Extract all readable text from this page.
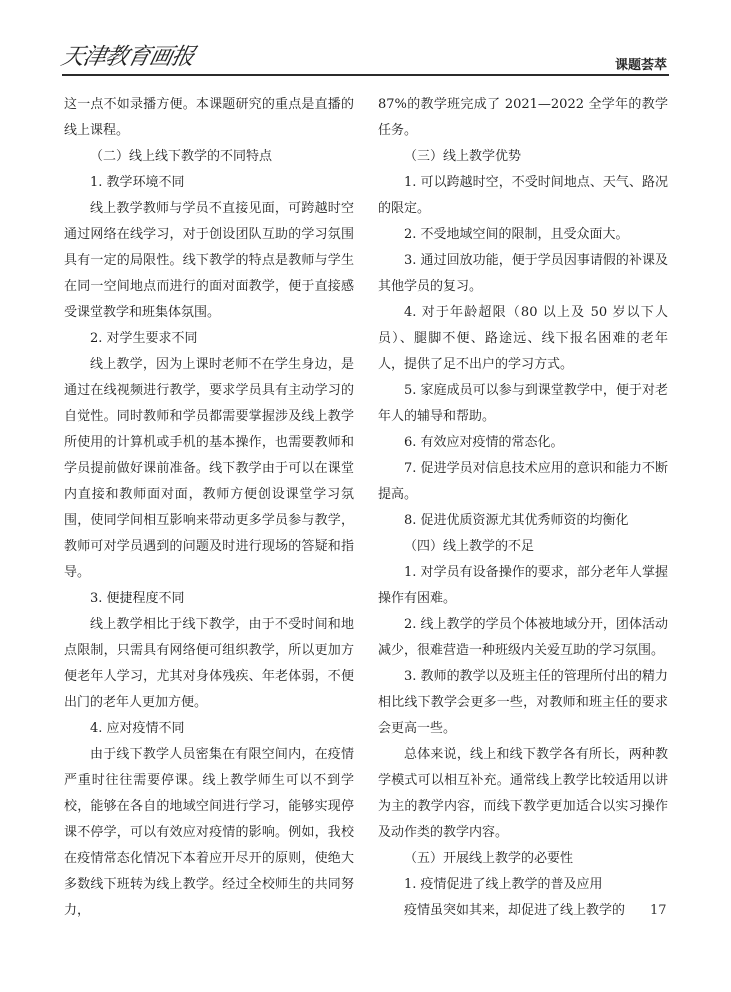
天津教育画报	课题荟萃

这一点不如录播方便。本课题研究的重点是直播的线上课程。

（二）线上线下教学的不同特点

1. 教学环境不同

线上教学教师与学员不直接见面，可跨越时空通过网络在线学习，对于创设团队互助的学习氛围具有一定的局限性。线下教学的特点是教师与学生在同一空间地点而进行的面对面教学，便于直接感受课堂教学和班集体氛围。

2. 对学生要求不同

线上教学，因为上课时老师不在学生身边，是通过在线视频进行教学，要求学员具有主动学习的自觉性。同时教师和学员都需要掌握涉及线上教学所使用的计算机或手机的基本操作，也需要教师和学员提前做好课前准备。线下教学由于可以在课堂内直接和教师面对面，教师方便创设课堂学习氛围，使同学间相互影响来带动更多学员参与教学，教师可对学员遇到的问题及时进行现场的答疑和指导。

3. 便捷程度不同

线上教学相比于线下教学，由于不受时间和地点限制，只需具有网络便可组织教学，所以更加方便老年人学习，尤其对身体残疾、年老体弱，不便出门的老年人更加方便。

4. 应对疫情不同

由于线下教学人员密集在有限空间内，在疫情严重时往往需要停课。线上教学师生可以不到学校，能够在各自的地域空间进行学习，能够实现停课不停学，可以有效应对疫情的影响。例如，我校在疫情常态化情况下本着应开尽开的原则，使绝大多数线下班转为线上教学。经过全校师生的共同努力，

87%的教学班完成了 2021—2022 全学年的教学任务。

（三）线上教学优势

1. 可以跨越时空，不受时间地点、天气、路况的限定。

2. 不受地域空间的限制，且受众面大。

3. 通过回放功能，便于学员因事请假的补课及其他学员的复习。

4. 对于年龄超限（80 以上及 50 岁以下人员）、腿脚不便、路途远、线下报名困难的老年人，提供了足不出户的学习方式。

5. 家庭成员可以参与到课堂教学中，便于对老年人的辅导和帮助。

6. 有效应对疫情的常态化。

7. 促进学员对信息技术应用的意识和能力不断提高。

8. 促进优质资源尤其优秀师资的均衡化

（四）线上教学的不足

1. 对学员有设备操作的要求，部分老年人掌握操作有困难。

2. 线上教学的学员个体被地域分开，团体活动减少，很难营造一种班级内关爱互助的学习氛围。

3. 教师的教学以及班主任的管理所付出的精力相比线下教学会更多一些，对教师和班主任的要求会更高一些。

总体来说，线上和线下教学各有所长，两种教学模式可以相互补充。通常线上教学比较适用以讲为主的教学内容，而线下教学更加适合以实习操作及动作类的教学内容。

（五）开展线上教学的必要性

1. 疫情促进了线上教学的普及应用

疫情虽突如其来，却促进了线上教学的	17
